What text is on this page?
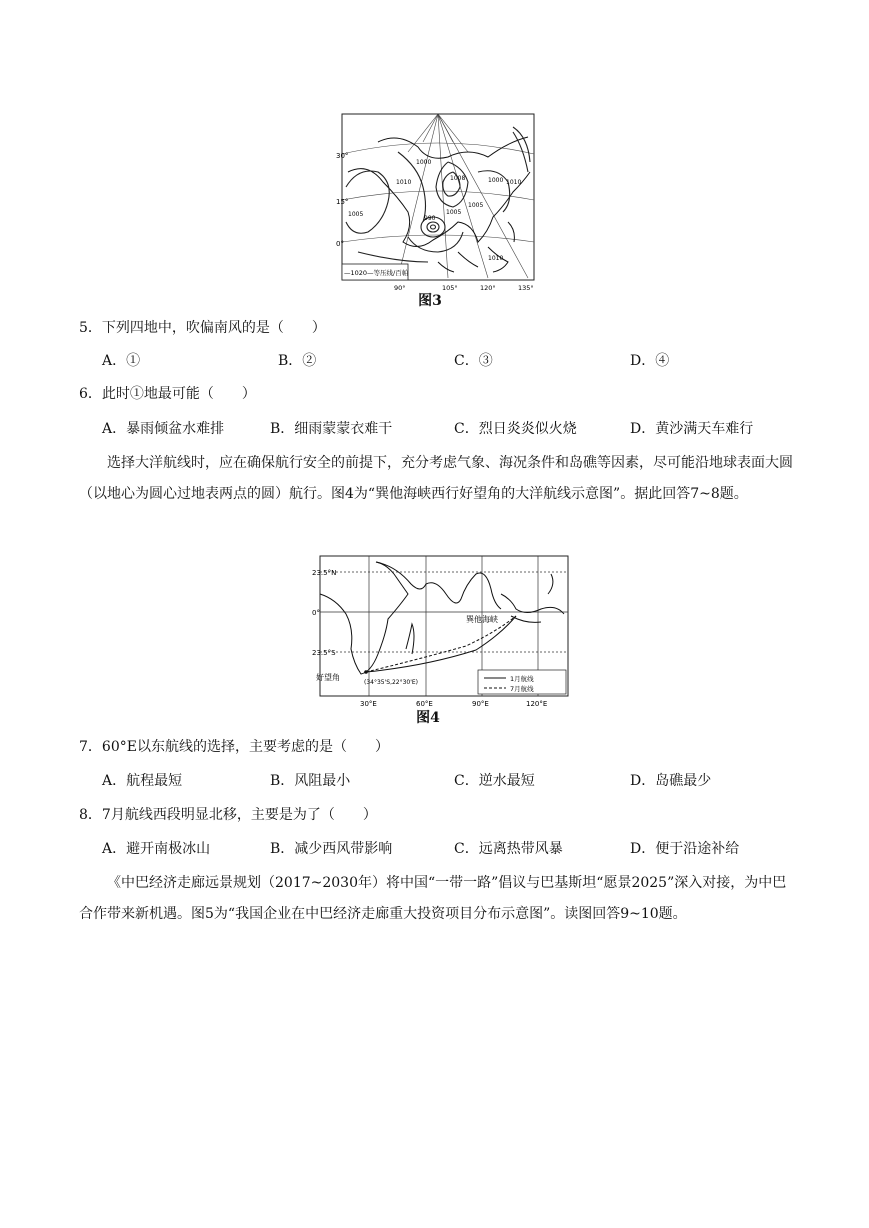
30°
15°
0°
1005
1010
1000
1008
1005
1000 1010
1005
990
1010
—1020—等压线/百帕
90°	105°	120°	135°
图3
5．下列四地中，吹偏南风的是（　　）
A．①	B．②	C．③	D．④
6．此时①地最可能（　　）
A．暴雨倾盆水难排	B．细雨蒙蒙衣难干	C．烈日炎炎似火烧	D．黄沙满天车难行
选择大洋航线时，应在确保航行安全的前提下，充分考虑气象、海况条件和岛礁等因素，尽可能沿地球表面大圆（以地心为圆心过地表两点的圆）航行。图4为“巽他海峡西行好望角的大洋航线示意图”。据此回答7~8题。
23.5°N
0°
23.5°S
巽他海峡
好望角
(34°35'S,22°30'E)	1月航线
7月航线
30°E	60°E	90°E	120°E
图4
7．60°E以东航线的选择，主要考虑的是（　　）
A．航程最短	B．风阻最小	C．逆水最短	D．岛礁最少
8．7月航线西段明显北移，主要是为了（　　）
A．避开南极冰山	B．减少西风带影响	C．远离热带风暴	D．便于沿途补给
《中巴经济走廊远景规划（2017~2030年）将中国“一带一路”倡议与巴基斯坦“愿景2025”深入对接，为中巴合作带来新机遇。图5为“我国企业在中巴经济走廊重大投资项目分布示意图”。读图回答9~10题。
